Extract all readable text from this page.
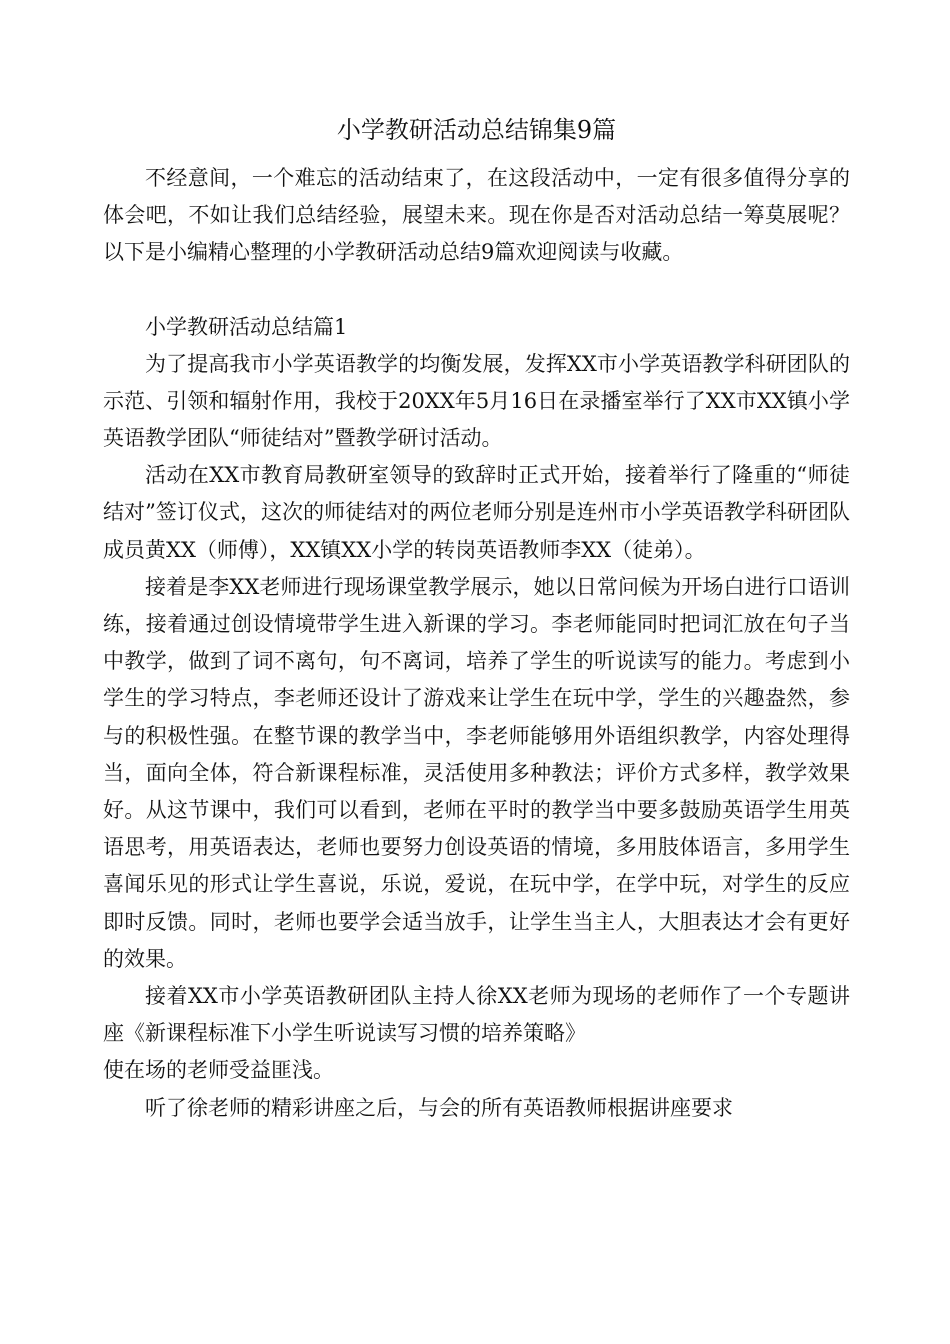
小学教研活动总结锦集9篇

不经意间，一个难忘的活动结束了，在这段活动中，一定有很多值得分享的体会吧，不如让我们总结经验，展望未来。现在你是否对活动总结一筹莫展呢？以下是小编精心整理的小学教研活动总结9篇欢迎阅读与收藏。

小学教研活动总结篇1

为了提高我市小学英语教学的均衡发展，发挥XX市小学英语教学科研团队的示范、引领和辐射作用，我校于20XX年5月16日在录播室举行了XX市XX镇小学英语教学团队“师徒结对”暨教学研讨活动。

活动在XX市教育局教研室领导的致辞时正式开始，接着举行了隆重的“师徒结对”签订仪式，这次的师徒结对的两位老师分别是连州市小学英语教学科研团队成员黄XX（师傅），XX镇XX小学的转岗英语教师李XX（徒弟）。

接着是李XX老师进行现场课堂教学展示，她以日常问候为开场白进行口语训练，接着通过创设情境带学生进入新课的学习。李老师能同时把词汇放在句子当中教学，做到了词不离句，句不离词，培养了学生的听说读写的能力。考虑到小学生的学习特点，李老师还设计了游戏来让学生在玩中学，学生的兴趣盎然，参与的积极性强。在整节课的教学当中，李老师能够用外语组织教学，内容处理得当，面向全体，符合新课程标准，灵活使用多种教法；评价方式多样，教学效果好。从这节课中，我们可以看到，老师在平时的教学当中要多鼓励英语学生用英语思考，用英语表达，老师也要努力创设英语的情境，多用肢体语言，多用学生喜闻乐见的形式让学生喜说，乐说，爱说，在玩中学，在学中玩，对学生的反应即时反馈。同时，老师也要学会适当放手，让学生当主人，大胆表达才会有更好的效果。

接着XX市小学英语教研团队主持人徐XX老师为现场的老师作了一个专题讲座《新课程标准下小学生听说读写习惯的培养策略》

使在场的老师受益匪浅。

听了徐老师的精彩讲座之后，与会的所有英语教师根据讲座要求
